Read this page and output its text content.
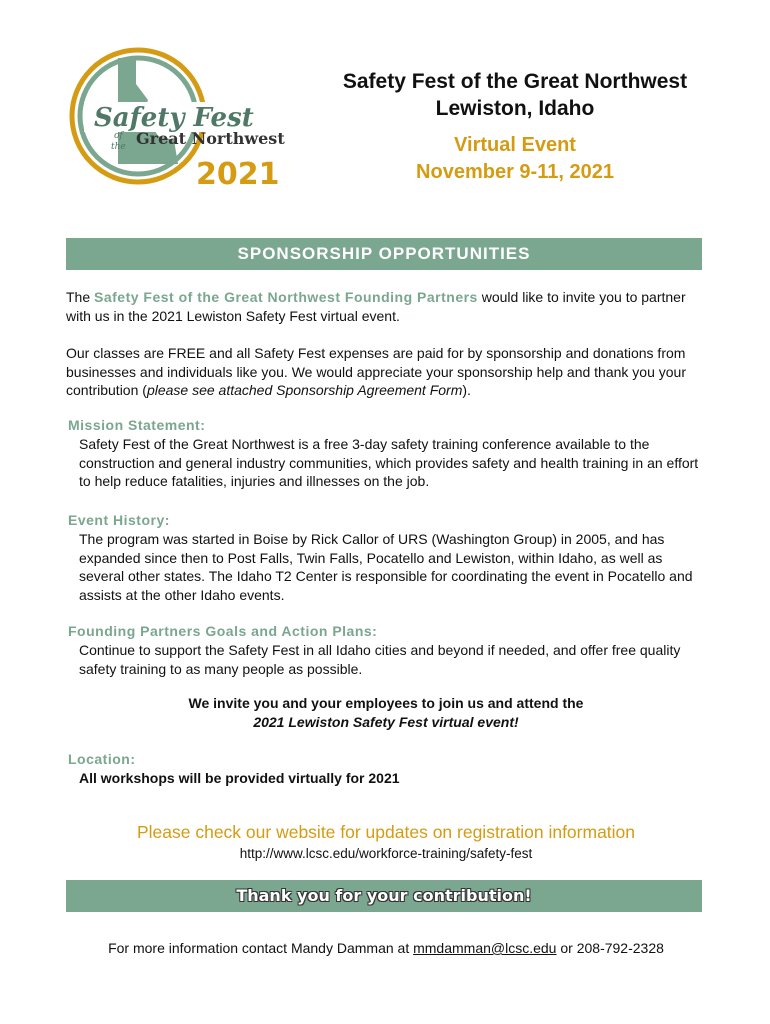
Safety Fest
of
the Great Northwest
2021
Safety Fest of the Great Northwest
Lewiston, Idaho
Virtual Event
November 9-11, 2021
SPONSORSHIP OPPORTUNITIES
The Safety Fest of the Great Northwest Founding Partners would like to invite you to partner with us in the 2021 Lewiston Safety Fest virtual event.
Our classes are FREE and all Safety Fest expenses are paid for by sponsorship and donations from businesses and individuals like you. We would appreciate your sponsorship help and thank you your contribution (please see attached Sponsorship Agreement Form).
Mission Statement:
Safety Fest of the Great Northwest is a free 3-day safety training conference available to the construction and general industry communities, which provides safety and health training in an effort to help reduce fatalities, injuries and illnesses on the job.
Event History:
The program was started in Boise by Rick Callor of URS (Washington Group) in 2005, and has expanded since then to Post Falls, Twin Falls, Pocatello and Lewiston, within Idaho, as well as several other states. The Idaho T2 Center is responsible for coordinating the event in Pocatello and assists at the other Idaho events.
Founding Partners Goals and Action Plans:
Continue to support the Safety Fest in all Idaho cities and beyond if needed, and offer free quality safety training to as many people as possible.
We invite you and your employees to join us and attend the
2021 Lewiston Safety Fest virtual event!
Location:
All workshops will be provided virtually for 2021
Please check our website for updates on registration information
http://www.lcsc.edu/workforce-training/safety-fest
Thank you for your contribution!
For more information contact Mandy Damman at mmdamman@lcsc.edu or 208-792-2328
